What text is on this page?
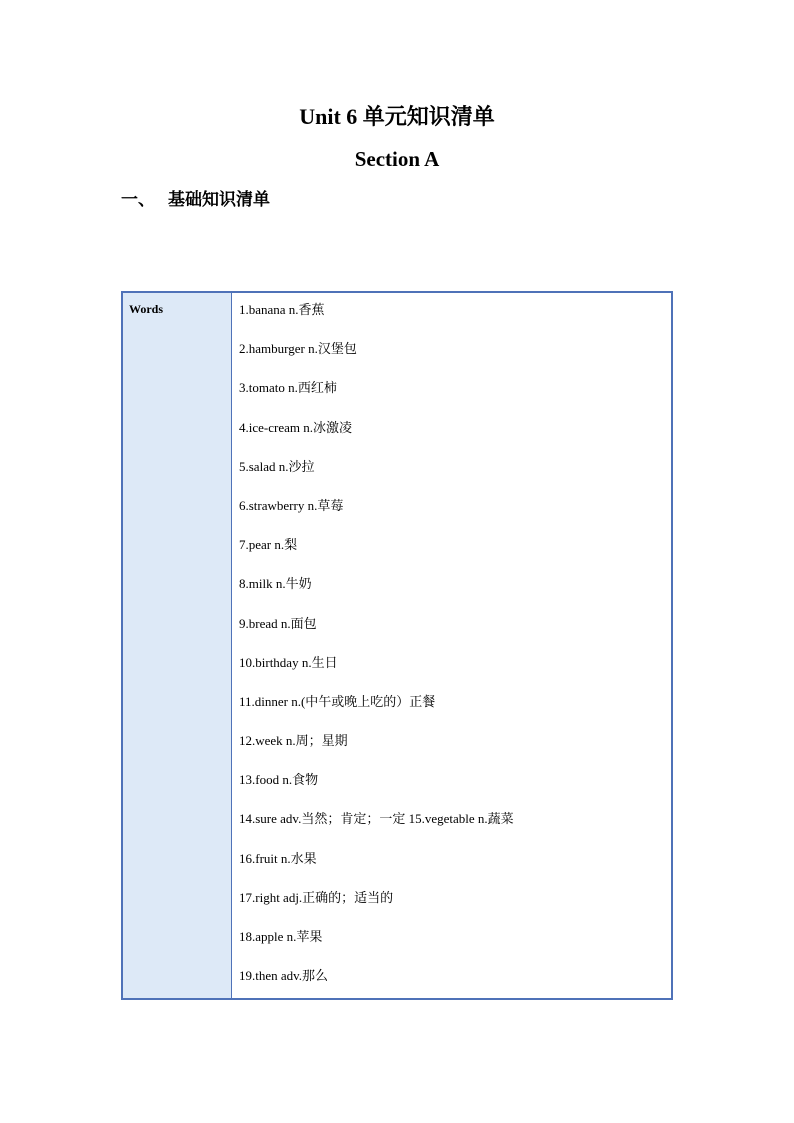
Unit 6 单元知识清单
Section A
一、 基础知识清单
Words	1.banana n.香蕉
2.hamburger n.汉堡包
3.tomato n.西红柿
4.ice-cream n.冰激凌
5.salad n.沙拉
6.strawberry n.草莓
7.pear n.梨
8.milk n.牛奶
9.bread n.面包
10.birthday n.生日
11.dinner n.(中午或晚上吃的）正餐
12.week n.周；星期
13.food n.食物
14.sure adv.当然；肯定；一定 15.vegetable n.蔬菜
16.fruit n.水果
17.right adj.正确的；适当的
18.apple n.苹果
19.then adv.那么
